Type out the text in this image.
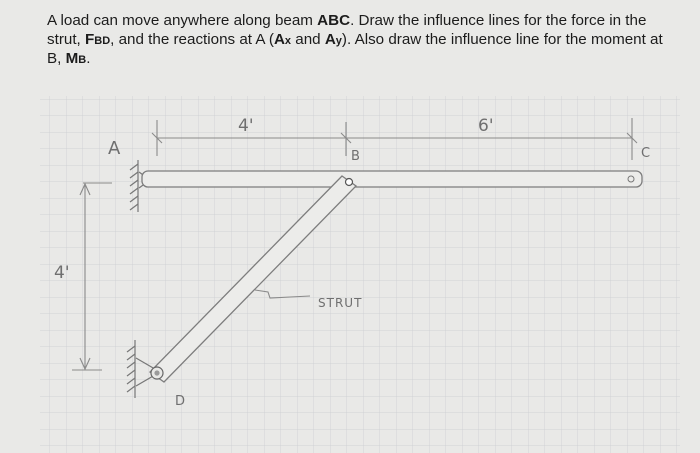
A load can move anywhere along beam ABC. Draw the influence lines for the force in the strut, FBD, and the reactions at A (Ax and Ay). Also draw the influence line for the moment at B, MB.
A	B	C
D
4'	6'
4'
STRUT
